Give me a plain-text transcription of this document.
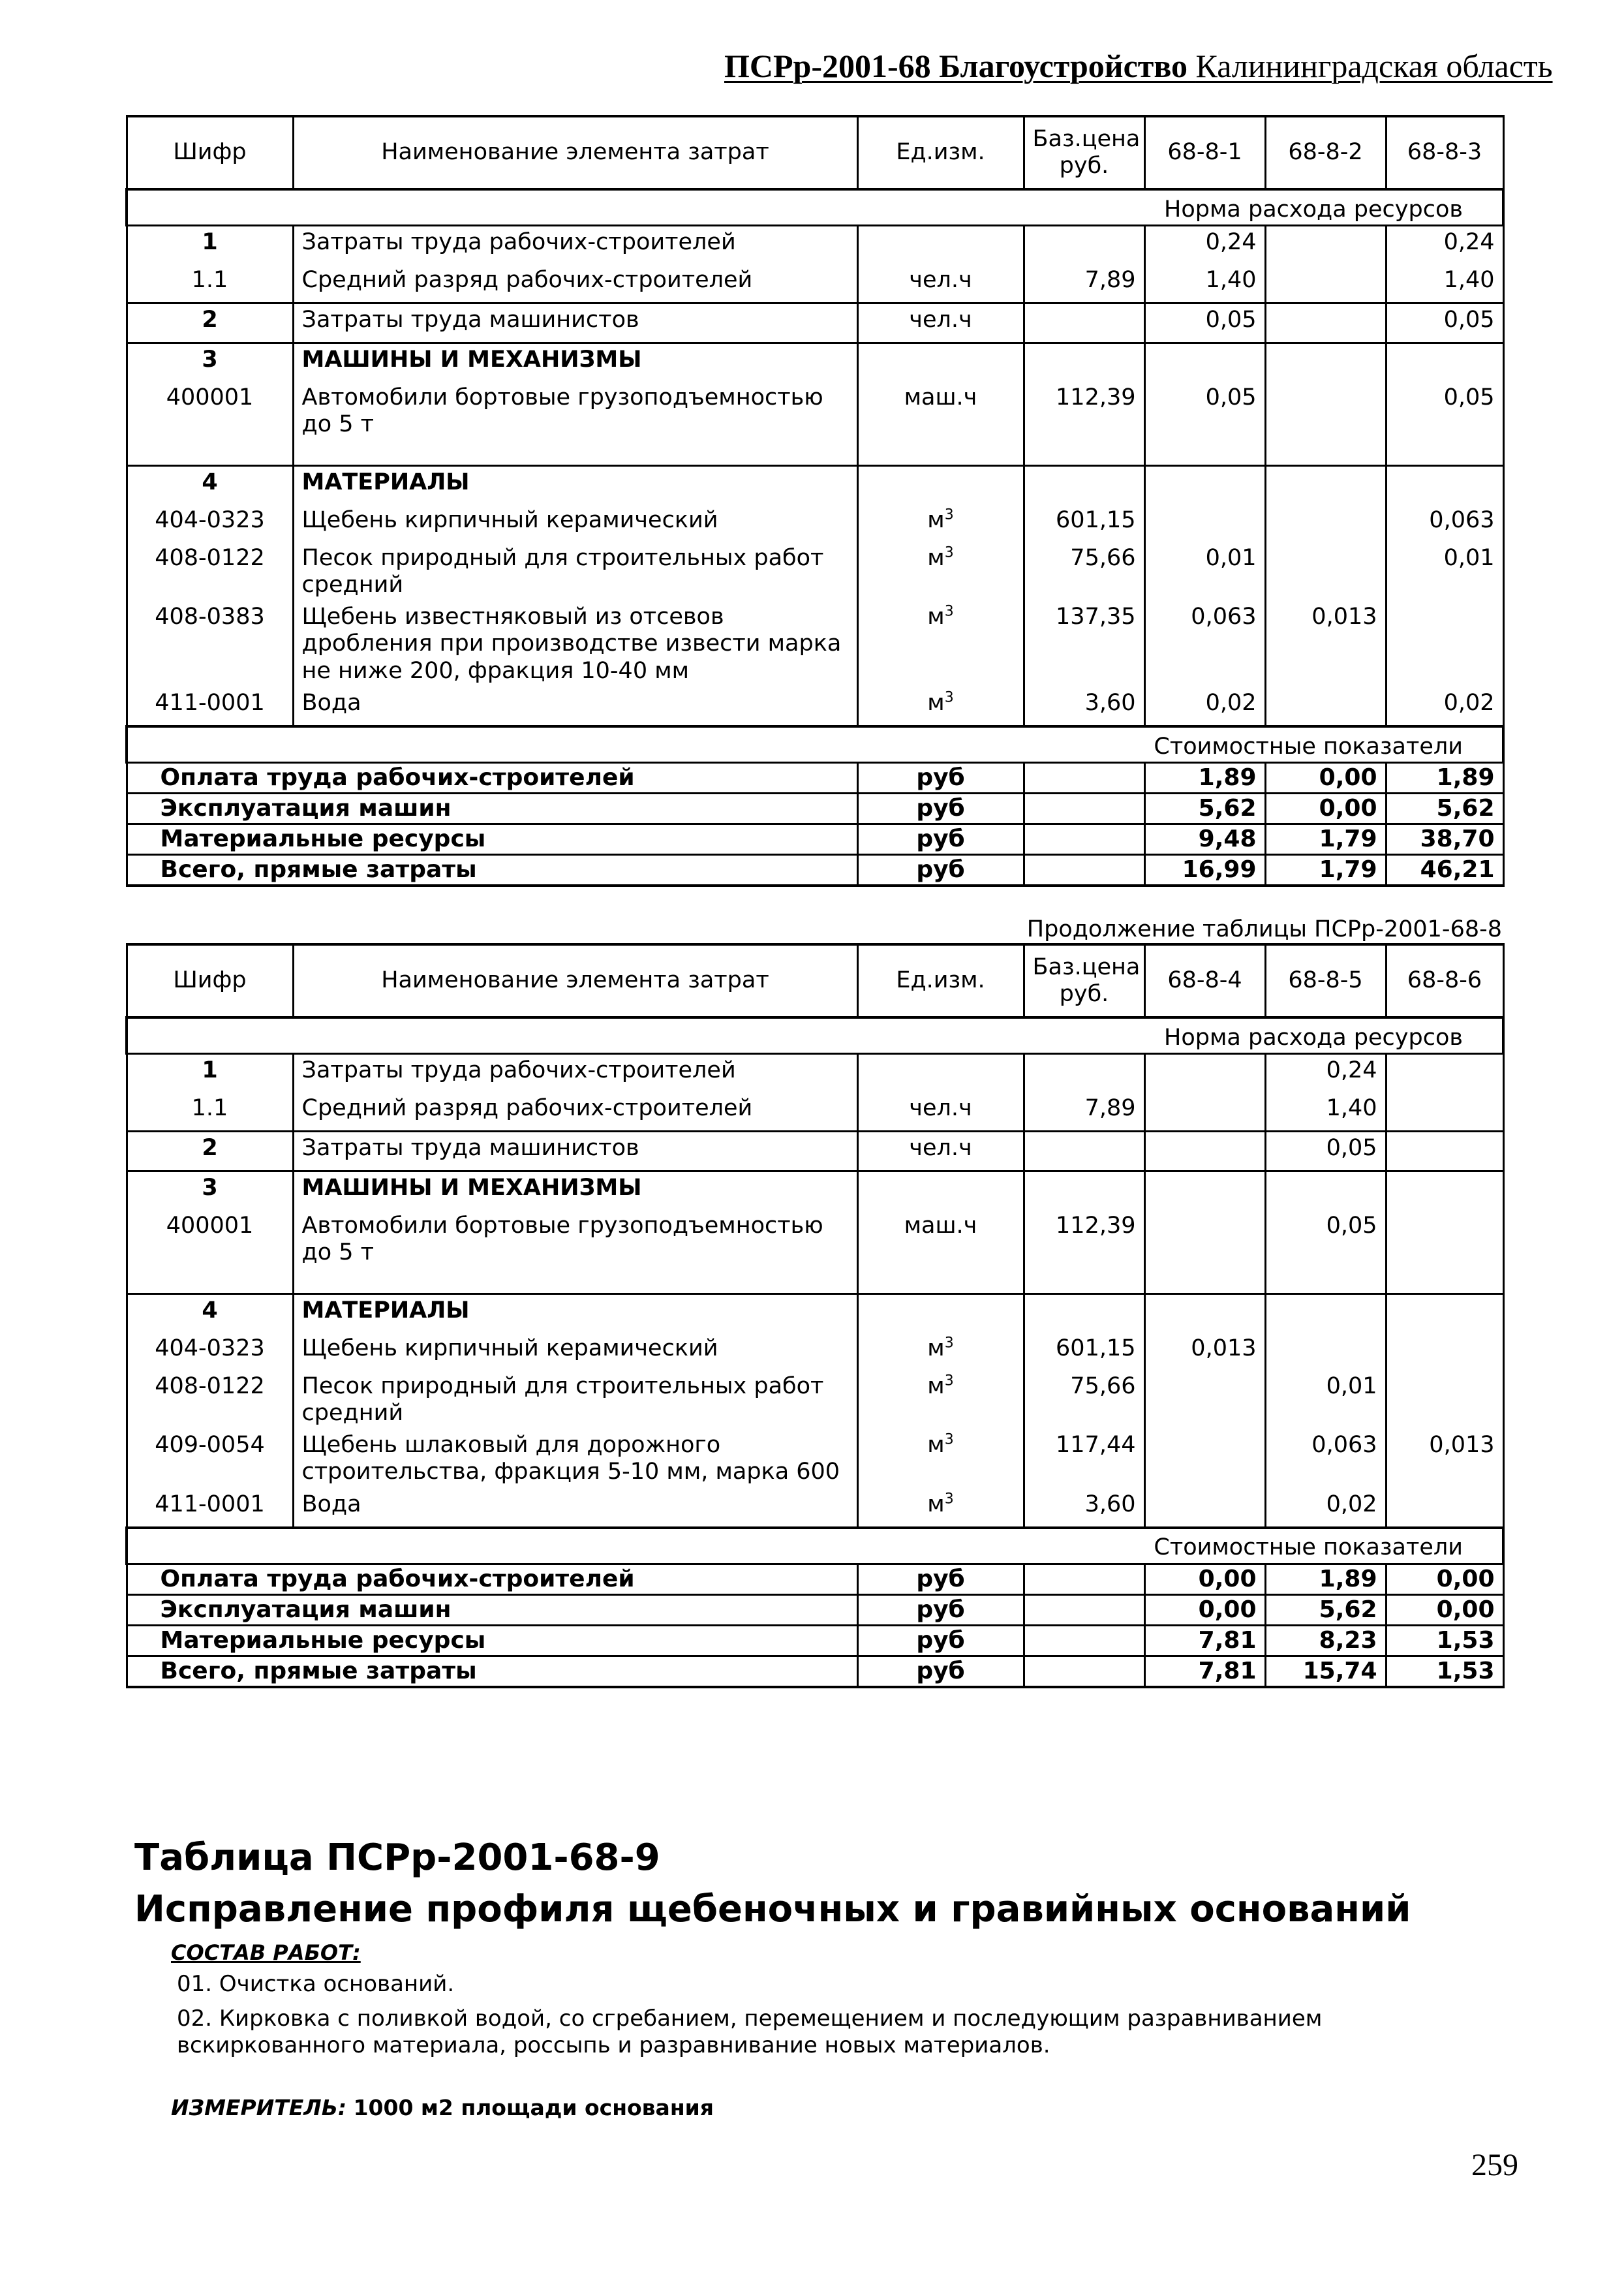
ПСРр-2001-68 Благоустройство Калининградская область
Шифр	Наименование элемента затрат	Ед.изм.	Баз.цена руб.	68-8-1	68-8-2	68-8-3
Норма расхода ресурсов						
1	Затраты труда рабочих-строителей			0,24		0,24
1.1	Средний разряд рабочих-строителей	чел.ч	7,89	1,40		1,40
2	Затраты труда машинистов	чел.ч		0,05		0,05
3	МАШИНЫ И МЕХАНИЗМЫ					
400001	Автомобили бортовые грузоподъемностью до 5 т	маш.ч	112,39	0,05		0,05

4	МАТЕРИАЛЫ					
404-0323	Щебень кирпичный керамический	$м^3$	601,15			0,063
408-0122	Песок природный для строительных работ средний	$м^3$	75,66	0,01		0,01
408-0383	Щебень известняковый из отсевов дробления при производстве извести марка не ниже 200, фракция 10-40 мм	$м^3$	137,35	0,063	0,013	
411-0001	Вода	$м^3$	3,60	0,02		0,02
Стоимостные показатели						
Оплата труда рабочих-строителей		руб		1,89	0,00	1,89
Эксплуатация машин		руб		5,62	0,00	5,62
Материальные ресурсы		руб		9,48	1,79	38,70
Всего, прямые затраты		руб		16,99	1,79	46,21
Продолжение таблицы ПСРр-2001-68-8
Шифр	Наименование элемента затрат	Ед.изм.	Баз.цена руб.	68-8-4	68-8-5	68-8-6
Норма расхода ресурсов						
1	Затраты труда рабочих-строителей				0,24	
1.1	Средний разряд рабочих-строителей	чел.ч	7,89		1,40	
2	Затраты труда машинистов	чел.ч			0,05	
3	МАШИНЫ И МЕХАНИЗМЫ					
400001	Автомобили бортовые грузоподъемностью до 5 т	маш.ч	112,39		0,05	

4	МАТЕРИАЛЫ					
404-0323	Щебень кирпичный керамический	$м^3$	601,15	0,013		
408-0122	Песок природный для строительных работ средний	$м^3$	75,66		0,01	
409-0054	Щебень шлаковый для дорожного строительства, фракция 5-10 мм, марка 600	$м^3$	117,44		0,063	0,013
411-0001	Вода	$м^3$	3,60		0,02	
Стоимостные показатели						
Оплата труда рабочих-строителей		руб		0,00	1,89	0,00
Эксплуатация машин		руб		0,00	5,62	0,00
Материальные ресурсы		руб		7,81	8,23	1,53
Всего, прямые затраты		руб		7,81	15,74	1,53
Таблица ПСРр-2001-68-9
Исправление профиля щебеночных и гравийных оснований
СОСТАВ РАБОТ:
01. Очистка оснований.
02. Кирковка с поливкой водой, со сгребанием, перемещением и последующим разравниванием вскиркованного материала, россыпь и разравнивание новых материалов.
ИЗМЕРИТЕЛЬ: 1000 м2 площади основания
259
